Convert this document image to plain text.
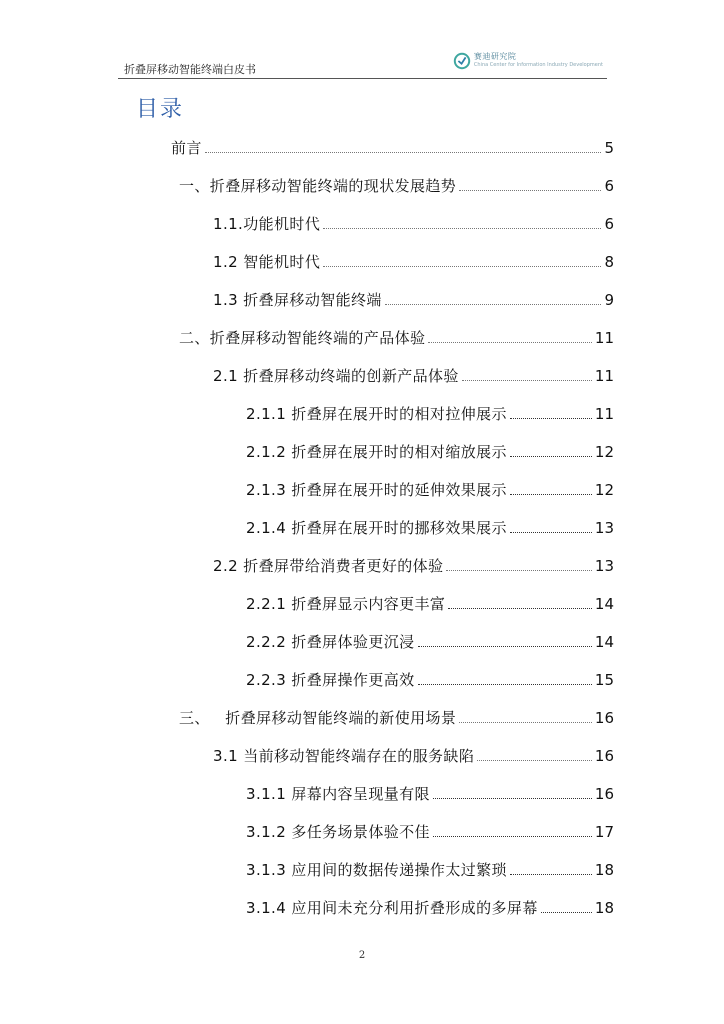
折叠屏移动智能终端白皮书
赛迪研究院
China Center for Information Industry Development
目录
前言	5
一、折叠屏移动智能终端的现状发展趋势	6
1.1.功能机时代	6
1.2 智能机时代	8
1.3 折叠屏移动智能终端	9
二、折叠屏移动智能终端的产品体验	11
2.1 折叠屏移动终端的创新产品体验	11
2.1.1 折叠屏在展开时的相对拉伸展示	11
2.1.2 折叠屏在展开时的相对缩放展示	12
2.1.3 折叠屏在展开时的延伸效果展示	12
2.1.4 折叠屏在展开时的挪移效果展示	13
2.2 折叠屏带给消费者更好的体验	13
2.2.1 折叠屏显示内容更丰富	14
2.2.2 折叠屏体验更沉浸	14
2.2.3 折叠屏操作更高效	15
三、   折叠屏移动智能终端的新使用场景	16
3.1 当前移动智能终端存在的服务缺陷	16
3.1.1 屏幕内容呈现量有限	16
3.1.2 多任务场景体验不佳	17
3.1.3 应用间的数据传递操作太过繁琐	18
3.1.4 应用间未充分利用折叠形成的多屏幕	18
2
